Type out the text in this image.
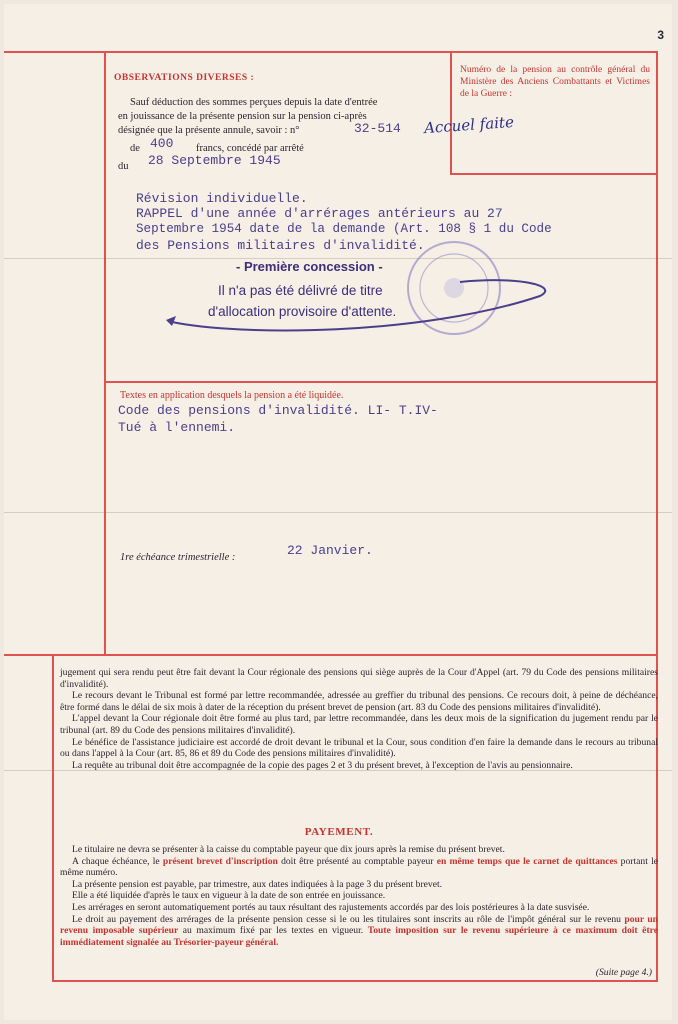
3
OBSERVATIONS DIVERSES :
Sauf déduction des sommes perçues depuis la date d'entrée
en jouissance de la présente pension sur la pension ci-après
désignée que la présente annule, savoir : n°	32-514 Accuel faite
de 400 francs, concédé par arrêté
du 28 Septembre 1945
Numéro de la pension au contrôle général du Ministère des Anciens Combattants et Victimes de la Guerre :
Révision individuelle.
RAPPEL d'une année d'arrérages antérieurs au 27
Septembre 1954 date de la demande (Art. 108 § 1 du Code
des Pensions militaires d'invalidité.
- Première concession -
Il n'a pas été délivré de titre
d'allocation provisoire d'attente.
Textes en application desquels la pension a été liquidée.
Code des pensions d'invalidité. LI- T.IV-
Tué à l'ennemi.
1re échéance trimestrielle :	22 Janvier.

jugement qui sera rendu peut être fait devant la Cour régionale des pensions qui siège auprès de la Cour d'Appel (art. 79 du Code des pensions militaires d'invalidité).

Le recours devant le Tribunal est formé par lettre recommandée, adressée au greffier du tribunal des pensions. Ce recours doit, à peine de déchéance, être formé dans le délai de six mois à dater de la réception du présent brevet de pension (art. 83 du Code des pensions militaires d'invalidité).

L'appel devant la Cour régionale doit être formé au plus tard, par lettre recommandée, dans les deux mois de la signification du jugement rendu par le tribunal (art. 89 du Code des pensions militaires d'invalidité).

Le bénéfice de l'assistance judiciaire est accordé de droit devant le tribunal et la Cour, sous condition d'en faire la demande dans le recours au tribunal ou dans l'appel à la Cour (art. 85, 86 et 89 du Code des pensions militaires d'invalidité).

La requête au tribunal doit être accompagnée de la copie des pages 2 et 3 du présent brevet, à l'exception de l'avis au pensionnaire.

PAYEMENT.

Le titulaire ne devra se présenter à la caisse du comptable payeur que dix jours après la remise du présent brevet.

A chaque échéance, le présent brevet d'inscription doit être présenté au comptable payeur en même temps que le carnet de quittances portant le même numéro.

La présente pension est payable, par trimestre, aux dates indiquées à la page 3 du présent brevet.

Elle a été liquidée d'après le taux en vigueur à la date de son entrée en jouissance.

Les arrérages en seront automatiquement portés au taux résultant des rajustements accordés par des lois postérieures à la date susvisée.

Le droit au payement des arrérages de la présente pension cesse si le ou les titulaires sont inscrits au rôle de l'impôt général sur le revenu pour un revenu imposable supérieur au maximum fixé par les textes en vigueur. Toute imposition sur le revenu supérieure à ce maximum doit être immédiatement signalée au Trésorier-payeur général.

(Suite page 4.)
